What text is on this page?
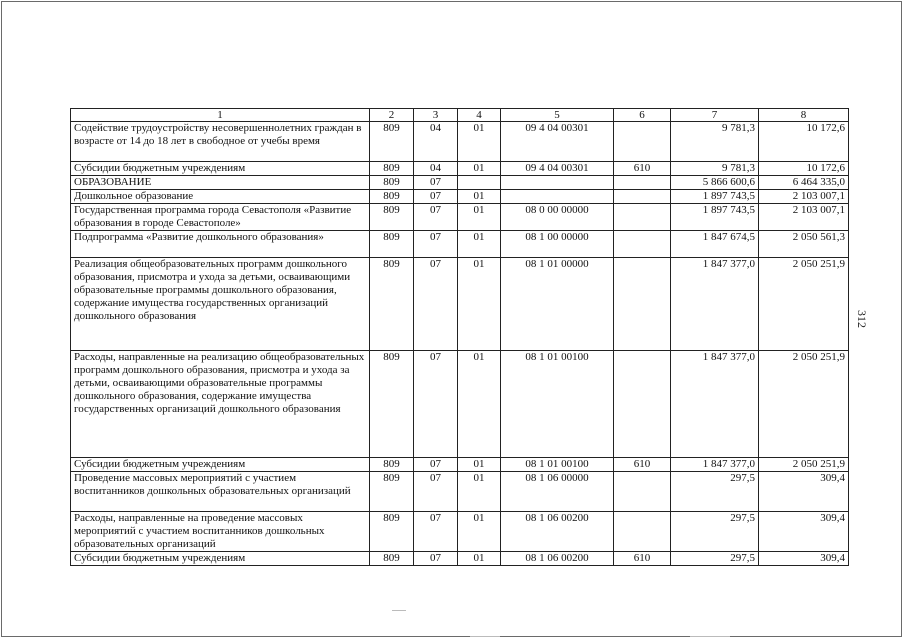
312
1	2	3	4	5	6	7	8
Содействие трудоустройству несовершеннолетних граждан в возрасте от 14 до 18 лет в свободное от учебы время	809	04	01	09 4 04 00301		9 781,3	10 172,6
Субсидии бюджетным учреждениям	809	04	01	09 4 04 00301	610	9 781,3	10 172,6
ОБРАЗОВАНИЕ	809	07				5 866 600,6	6 464 335,0
Дошкольное образование	809	07	01			1 897 743,5	2 103 007,1
Государственная программа города Севастополя «Развитие образования в городе Севастополе»	809	07	01	08 0 00 00000		1 897 743,5	2 103 007,1
Подпрограмма «Развитие дошкольного образования»	809	07	01	08 1 00 00000		1 847 674,5	2 050 561,3
Реализация общеобразовательных программ дошкольного образования, присмотра и ухода за детьми, осваивающими образовательные программы дошкольного образования, содержание имущества государственных организаций дошкольного образования	809	07	01	08 1 01 00000		1 847 377,0	2 050 251,9
Расходы, направленные на реализацию общеобразовательных программ дошкольного образования, присмотра и ухода за детьми, осваивающими образовательные программы дошкольного образования, содержание имущества государственных организаций дошкольного образования	809	07	01	08 1 01 00100		1 847 377,0	2 050 251,9
Субсидии бюджетным учреждениям	809	07	01	08 1 01 00100	610	1 847 377,0	2 050 251,9
Проведение массовых мероприятий с участием воспитанников дошкольных образовательных организаций	809	07	01	08 1 06 00000		297,5	309,4
Расходы, направленные на проведение массовых мероприятий с участием воспитанников дошкольных образовательных организаций	809	07	01	08 1 06 00200		297,5	309,4
Субсидии бюджетным учреждениям	809	07	01	08 1 06 00200	610	297,5	309,4
